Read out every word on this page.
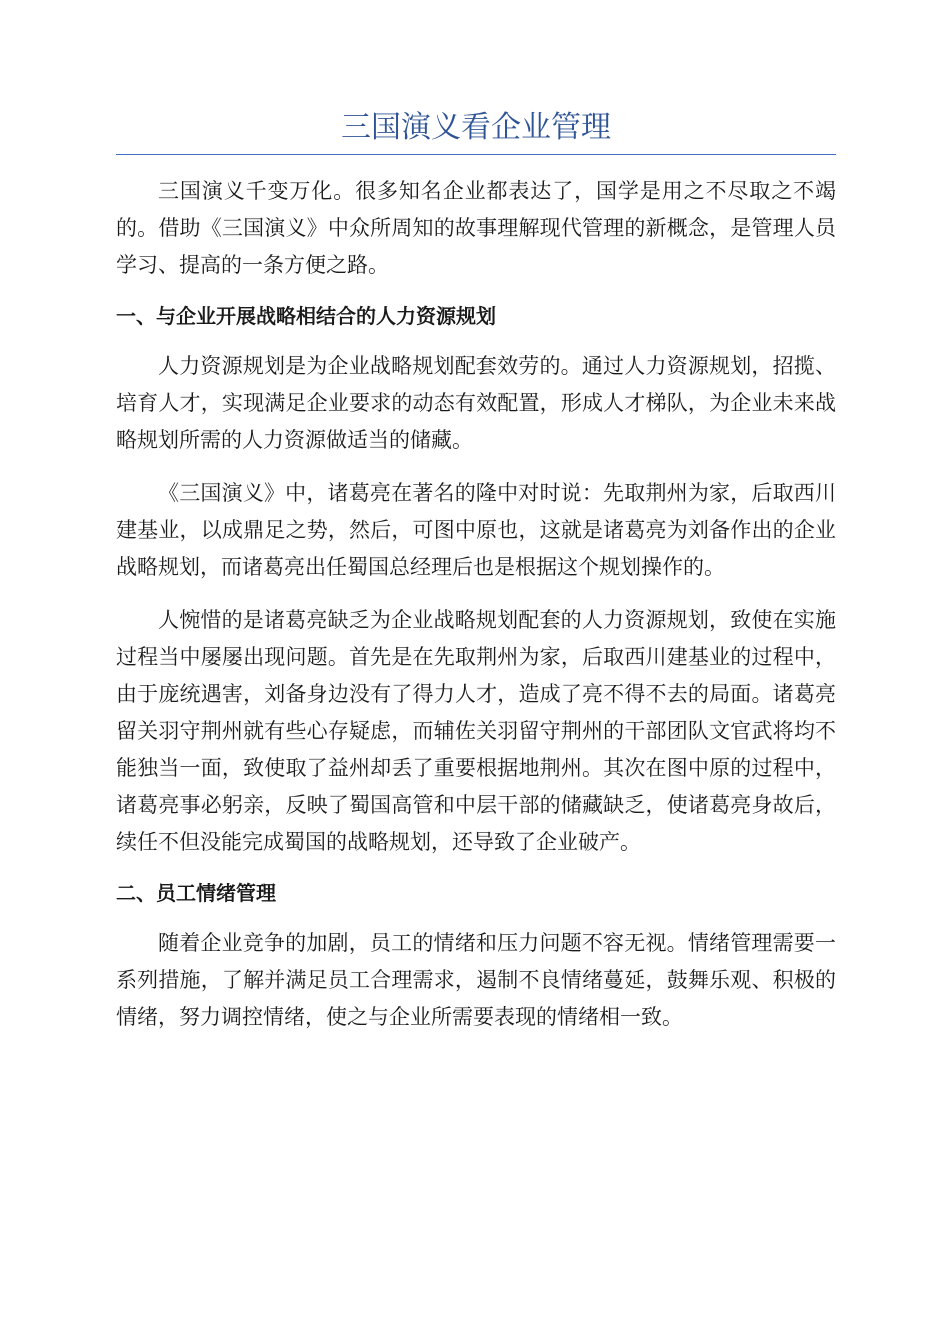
三国演义看企业管理

三国演义千变万化。很多知名企业都表达了，国学是用之不尽取之不竭的。借助《三国演义》中众所周知的故事理解现代管理的新概念，是管理人员学习、提高的一条方便之路。

一、与企业开展战略相结合的人力资源规划

人力资源规划是为企业战略规划配套效劳的。通过人力资源规划，招揽、培育人才，实现满足企业要求的动态有效配置，形成人才梯队，为企业未来战略规划所需的人力资源做适当的储藏。

《三国演义》中，诸葛亮在著名的隆中对时说：先取荆州为家，后取西川建基业，以成鼎足之势，然后，可图中原也，这就是诸葛亮为刘备作出的企业战略规划，而诸葛亮出任蜀国总经理后也是根据这个规划操作的。

人惋惜的是诸葛亮缺乏为企业战略规划配套的人力资源规划，致使在实施过程当中屡屡出现问题。首先是在先取荆州为家，后取西川建基业的过程中，由于庞统遇害，刘备身边没有了得力人才，造成了亮不得不去的局面。诸葛亮留关羽守荆州就有些心存疑虑，而辅佐关羽留守荆州的干部团队文官武将均不能独当一面，致使取了益州却丢了重要根据地荆州。其次在图中原的过程中，诸葛亮事必躬亲，反映了蜀国高管和中层干部的储藏缺乏，使诸葛亮身故后，续任不但没能完成蜀国的战略规划，还导致了企业破产。

二、员工情绪管理

随着企业竞争的加剧，员工的情绪和压力问题不容无视。情绪管理需要一系列措施，了解并满足员工合理需求，遏制不良情绪蔓延，鼓舞乐观、积极的情绪，努力调控情绪，使之与企业所需要表现的情绪相一致。
